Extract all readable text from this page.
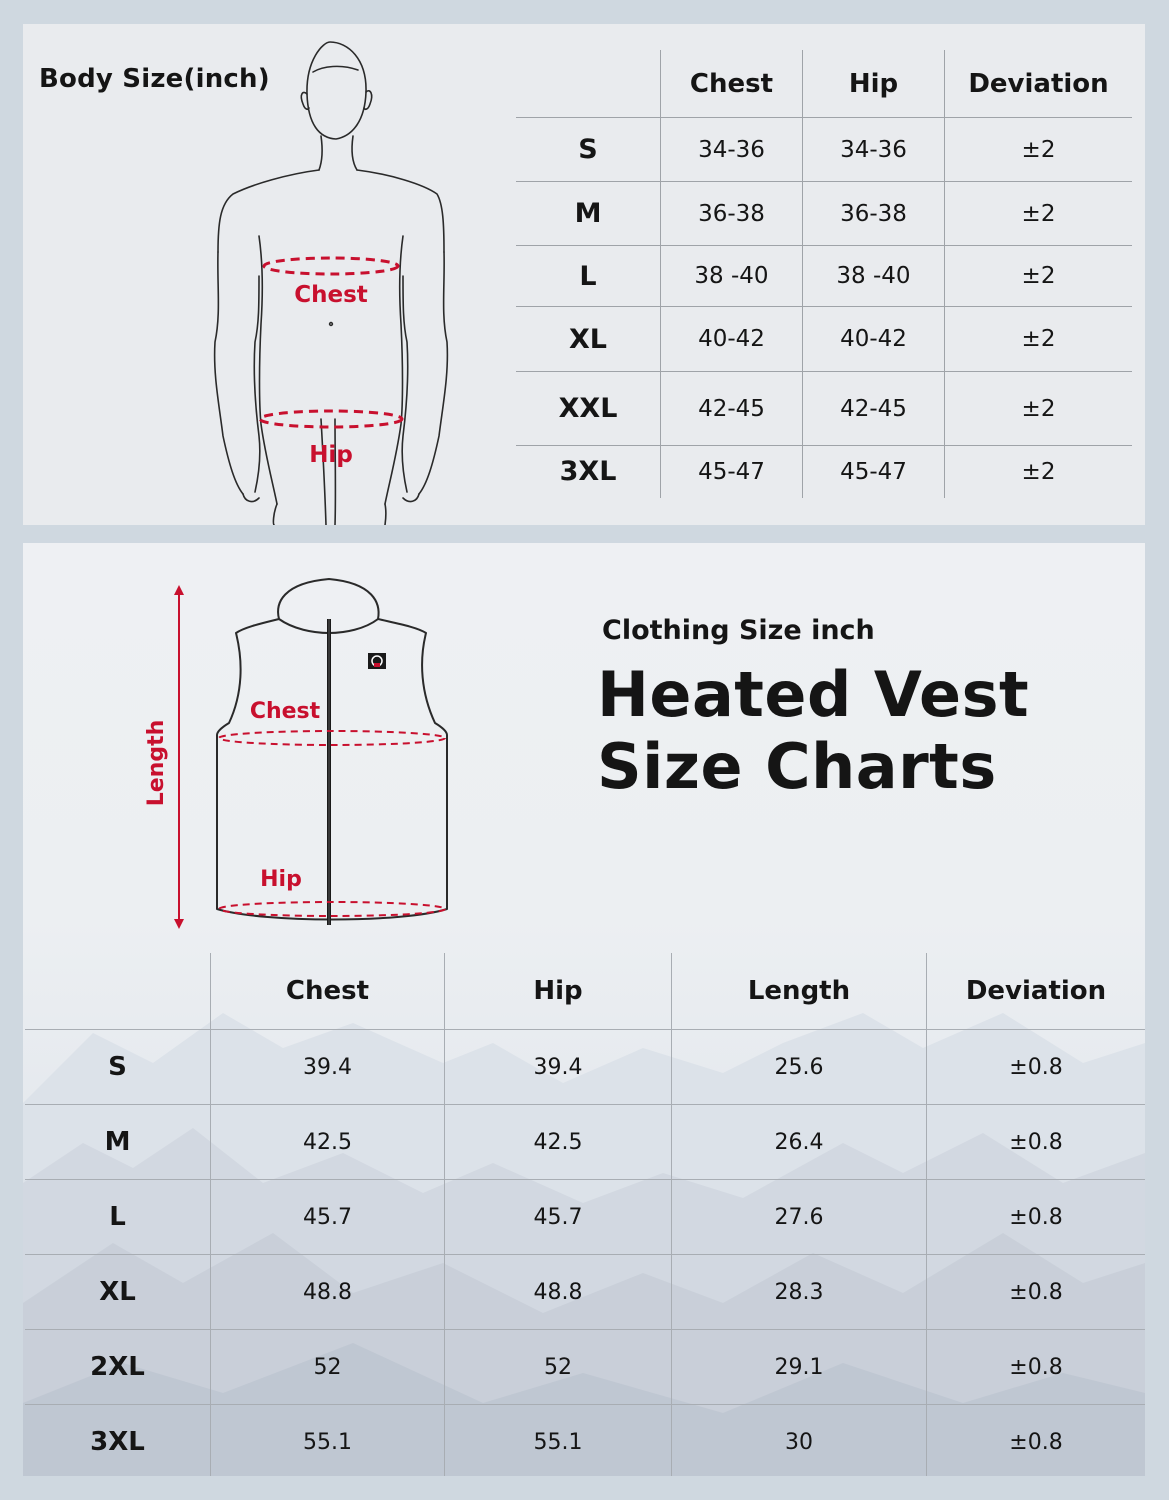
Body Size(inch)
Chest
Hip
	Chest	Hip	Deviation
S	34-36	34-36	±2
M	36-38	36-38	±2
L	38 -40	38 -40	±2
XL	40-42	40-42	±2
XXL	42-45	42-45	±2
3XL	45-47	45-47	±2
Length
Chest
Hip
Clothing Size inch
Heated Vest
Size Charts
	Chest	Hip	Length	Deviation
S	39.4	39.4	25.6	±0.8
M	42.5	42.5	26.4	±0.8
L	45.7	45.7	27.6	±0.8
XL	48.8	48.8	28.3	±0.8
2XL	52	52	29.1	±0.8
3XL	55.1	55.1	30	±0.8
